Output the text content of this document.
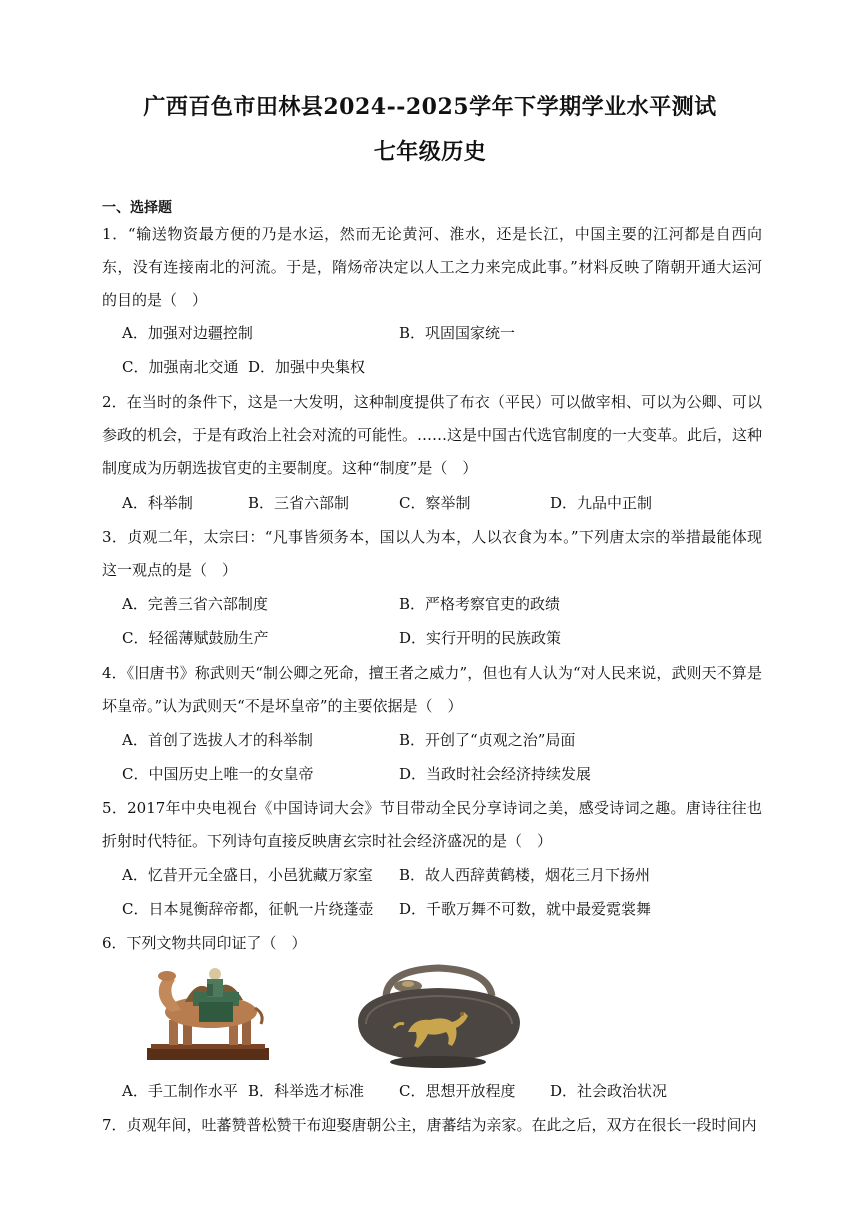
广西百色市田林县2024--2025学年下学期学业水平测试
七年级历史
一、选择题
1．“输送物资最方便的乃是水运，然而无论黄河、淮水，还是长江，中国主要的江河都是自西向东，没有连接南北的河流。于是，隋炀帝决定以人工之力来完成此事。”材料反映了隋朝开通大运河的目的是（　）
A．加强对边疆控制	B．巩固国家统一
C．加强南北交通 D．加强中央集权
2．在当时的条件下，这是一大发明，这种制度提供了布衣（平民）可以做宰相、可以为公卿、可以参政的机会，于是有政治上社会对流的可能性。……这是中国古代选官制度的一大变革。此后，这种制度成为历朝选拔官吏的主要制度。这种“制度”是（　）
A．科举制	B．三省六部制	C．察举制	D．九品中正制
3．贞观二年，太宗曰：“凡事皆须务本，国以人为本，人以衣食为本。”下列唐太宗的举措最能体现这一观点的是（　）
A．完善三省六部制度	B．严格考察官吏的政绩
C．轻徭薄赋鼓励生产	D．实行开明的民族政策
4．《旧唐书》称武则天“制公卿之死命，擅王者之威力”，但也有人认为“对人民来说，武则天不算是坏皇帝。”认为武则天“不是坏皇帝”的主要依据是（　）
A．首创了选拔人才的科举制	B．开创了“贞观之治”局面
C．中国历史上唯一的女皇帝	D．当政时社会经济持续发展
5．2017年中央电视台《中国诗词大会》节目带动全民分享诗词之美，感受诗词之趣。唐诗往往也折射时代特征。下列诗句直接反映唐玄宗时社会经济盛况的是（　）
A．忆昔开元全盛日，小邑犹藏万家室 B．故人西辞黄鹤楼，烟花三月下扬州
C．日本晁衡辞帝都，征帆一片绕蓬壶 D．千歌万舞不可数，就中最爱霓裳舞
6．下列文物共同印证了（　）
A．手工制作水平 B．科举选才标准 C．思想开放程度 D．社会政治状况
7．贞观年间，吐蕃赞普松赞干布迎娶唐朝公主，唐蕃结为亲家。在此之后，双方在很长一段时间内
